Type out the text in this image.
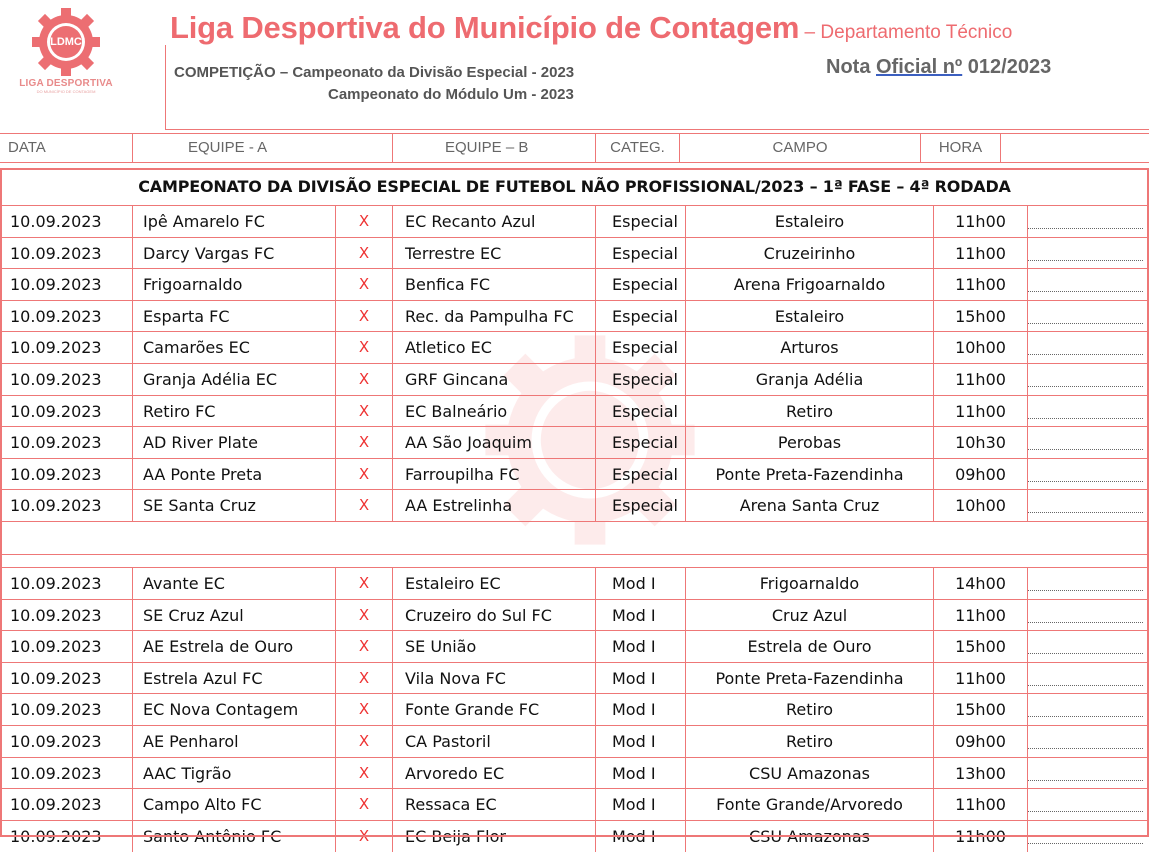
LDMC
LIGA DESPORTIVA
DO MUNICÍPIO DE CONTAGEM
Liga Desportiva do Município de Contagem – Departamento Técnico
COMPETIÇÃO – Campeonato da Divisão Especial - 2023
Campeonato do Módulo Um - 2023
Nota Oficial nº 012/2023
DATA	EQUIPE - A	EQUIPE – B	CATEG.	CAMPO	HORA
CAMPEONATO DA DIVISÃO ESPECIAL DE FUTEBOL NÃO PROFISSIONAL/2023 – 1ª FASE – 4ª RODADA
10.09.2023	Ipê Amarelo FC	X	EC Recanto Azul	Especial	Estaleiro	11h00
10.09.2023	Darcy Vargas FC	X	Terrestre EC	Especial	Cruzeirinho	11h00
10.09.2023	Frigoarnaldo	X	Benfica FC	Especial	Arena Frigoarnaldo	11h00
10.09.2023	Esparta FC	X	Rec. da Pampulha FC	Especial	Estaleiro	15h00
10.09.2023	Camarões EC	X	Atletico EC	Especial	Arturos	10h00
10.09.2023	Granja Adélia EC	X	GRF Gincana	Especial	Granja Adélia	11h00
10.09.2023	Retiro FC	X	EC Balneário	Especial	Retiro	11h00
10.09.2023	AD River Plate	X	AA São Joaquim	Especial	Perobas	10h30
10.09.2023	AA Ponte Preta	X	Farroupilha FC	Especial	Ponte Preta-Fazendinha	09h00
10.09.2023	SE Santa Cruz	X	AA Estrelinha	Especial	Arena Santa Cruz	10h00
10.09.2023	Avante EC	X	Estaleiro EC	Mod I	Frigoarnaldo	14h00
10.09.2023	SE Cruz Azul	X	Cruzeiro do Sul FC	Mod I	Cruz Azul	11h00
10.09.2023	AE Estrela de Ouro	X	SE União	Mod I	Estrela de Ouro	15h00
10.09.2023	Estrela Azul FC	X	Vila Nova FC	Mod I	Ponte Preta-Fazendinha	11h00
10.09.2023	EC Nova Contagem	X	Fonte Grande FC	Mod I	Retiro	15h00
10.09.2023	AE Penharol	X	CA Pastoril	Mod I	Retiro	09h00
10.09.2023	AAC Tigrão	X	Arvoredo EC	Mod I	CSU Amazonas	13h00
10.09.2023	Campo Alto FC	X	Ressaca EC	Mod I	Fonte Grande/Arvoredo	11h00
10.09.2023	Santo Antônio FC	X	EC Beija Flor	Mod I	CSU Amazonas	11h00
